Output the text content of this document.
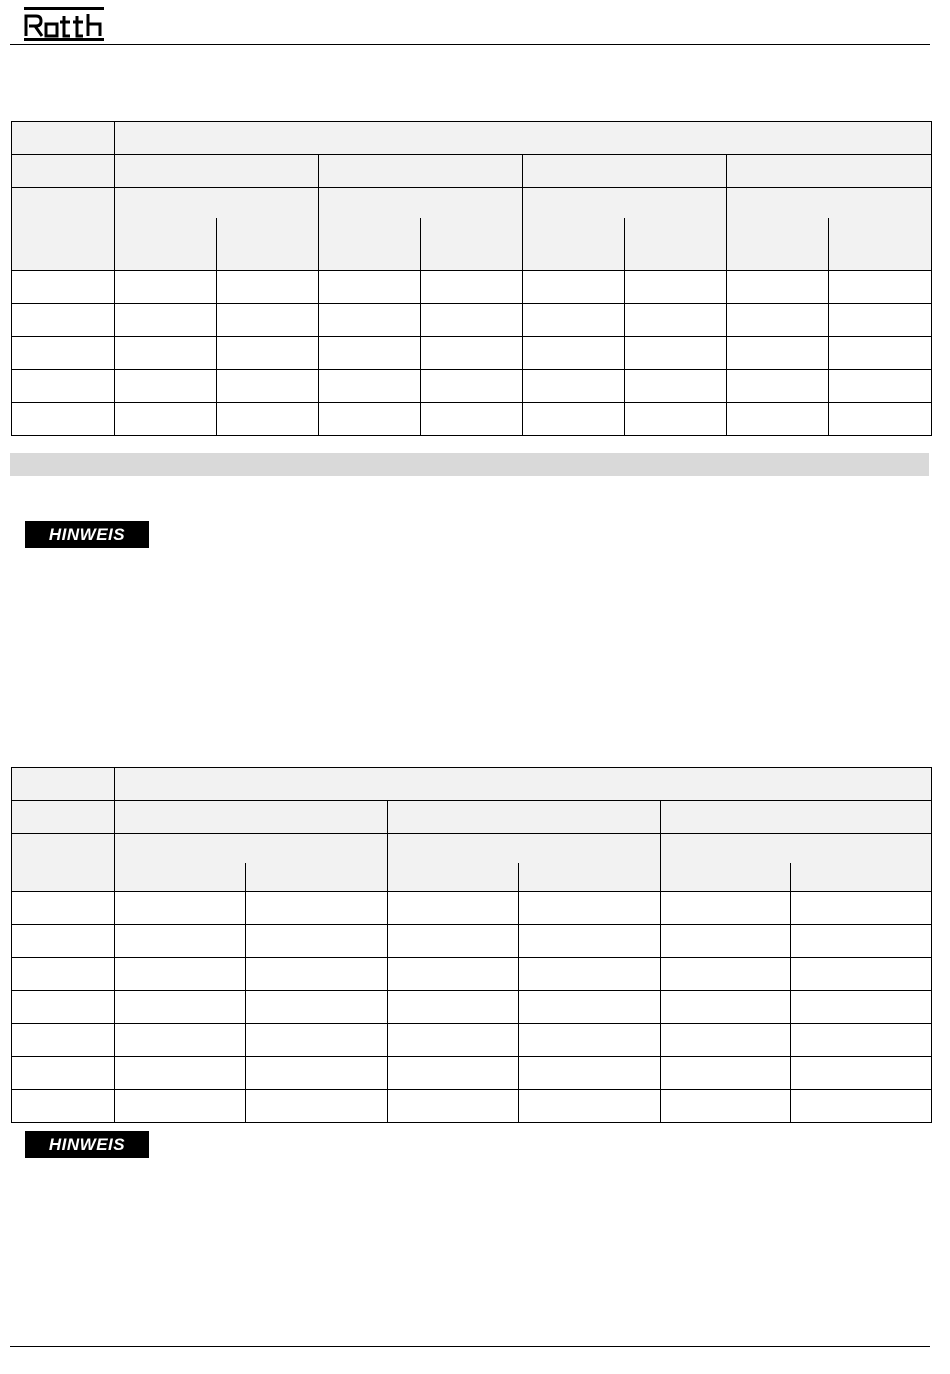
HINWEIS

HINWEIS
